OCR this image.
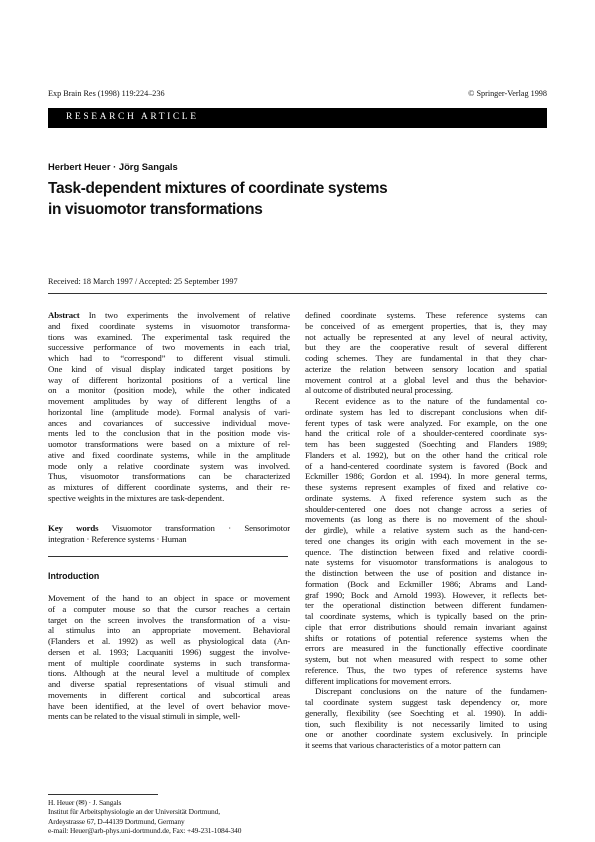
Exp Brain Res (1998) 119:224–236	© Springer-Verlag 1998
RESEARCH ARTICLE
Herbert Heuer · Jörg Sangals
Task-dependent mixtures of coordinate systems
in visuomotor transformations
Received: 18 March 1997 / Accepted: 25 September 1997
Abstract In two experiments the involvement of relative
and fixed coordinate systems in visuomotor transforma-
tions was examined. The experimental task required the
successive performance of two movements in each trial,
which had to “correspond” to different visual stimuli.
One kind of visual display indicated target positions by
way of different horizontal positions of a vertical line
on a monitor (position mode), while the other indicated
movement amplitudes by way of different lengths of a
horizontal line (amplitude mode). Formal analysis of vari-
ances and covariances of successive individual move-
ments led to the conclusion that in the position mode vis-
uomotor transformations were based on a mixture of rel-
ative and fixed coordinate systems, while in the amplitude
mode only a relative coordinate system was involved.
Thus, visuomotor transformations can be characterized
as mixtures of different coordinate systems, and their re-
spective weights in the mixtures are task-dependent.
Key words Visuomotor transformation · Sensorimotor
integration · Reference systems · Human
Introduction
Movement of the hand to an object in space or movement
of a computer mouse so that the cursor reaches a certain
target on the screen involves the transformation of a visu-
al stimulus into an appropriate movement. Behavioral
(Flanders et al. 1992) as well as physiological data (An-
dersen et al. 1993; Lacquaniti 1996) suggest the involve-
ment of multiple coordinate systems in such transforma-
tions. Although at the neural level a multitude of complex
and diverse spatial representations of visual stimuli and
movements in different cortical and subcortical areas
have been identified, at the level of overt behavior move-
ments can be related to the visual stimuli in simple, well-
H. Heuer (✉) · J. Sangals
Institut für Arbeitsphysiologie an der Universität Dortmund,
Ardeystrasse 67, D-44139 Dortmund, Germany
e-mail: Heuer@arb-phys.uni-dortmund.de, Fax: +49-231-1084-340
defined coordinate systems. These reference systems can
be conceived of as emergent properties, that is, they may
not actually be represented at any level of neural activity,
but they are the cooperative result of several different
coding schemes. They are fundamental in that they char-
acterize the relation between sensory location and spatial
movement control at a global level and thus the behavior-
al outcome of distributed neural processing.
Recent evidence as to the nature of the fundamental co-
ordinate system has led to discrepant conclusions when dif-
ferent types of task were analyzed. For example, on the one
hand the critical role of a shoulder-centered coordinate sys-
tem has been suggested (Soechting and Flanders 1989;
Flanders et al. 1992), but on the other hand the critical role
of a hand-centered coordinate system is favored (Bock and
Eckmiller 1986; Gordon et al. 1994). In more general terms,
these systems represent examples of fixed and relative co-
ordinate systems. A fixed reference system such as the
shoulder-centered one does not change across a series of
movements (as long as there is no movement of the shoul-
der girdle), while a relative system such as the hand-cen-
tered one changes its origin with each movement in the se-
quence. The distinction between fixed and relative coordi-
nate systems for visuomotor transformations is analogous to
the distinction between the use of position and distance in-
formation (Bock and Eckmiller 1986; Abrams and Land-
graf 1990; Bock and Arnold 1993). However, it reflects bet-
ter the operational distinction between different fundamen-
tal coordinate systems, which is typically based on the prin-
ciple that error distributions should remain invariant against
shifts or rotations of potential reference systems when the
errors are measured in the functionally effective coordinate
system, but not when measured with respect to some other
reference. Thus, the two types of reference systems have
different implications for movement errors.
Discrepant conclusions on the nature of the fundamen-
tal coordinate system suggest task dependency or, more
generally, flexibility (see Soechting et al. 1990). In addi-
tion, such flexibility is not necessarily limited to using
one or another coordinate system exclusively. In principle
it seems that various characteristics of a motor pattern can
